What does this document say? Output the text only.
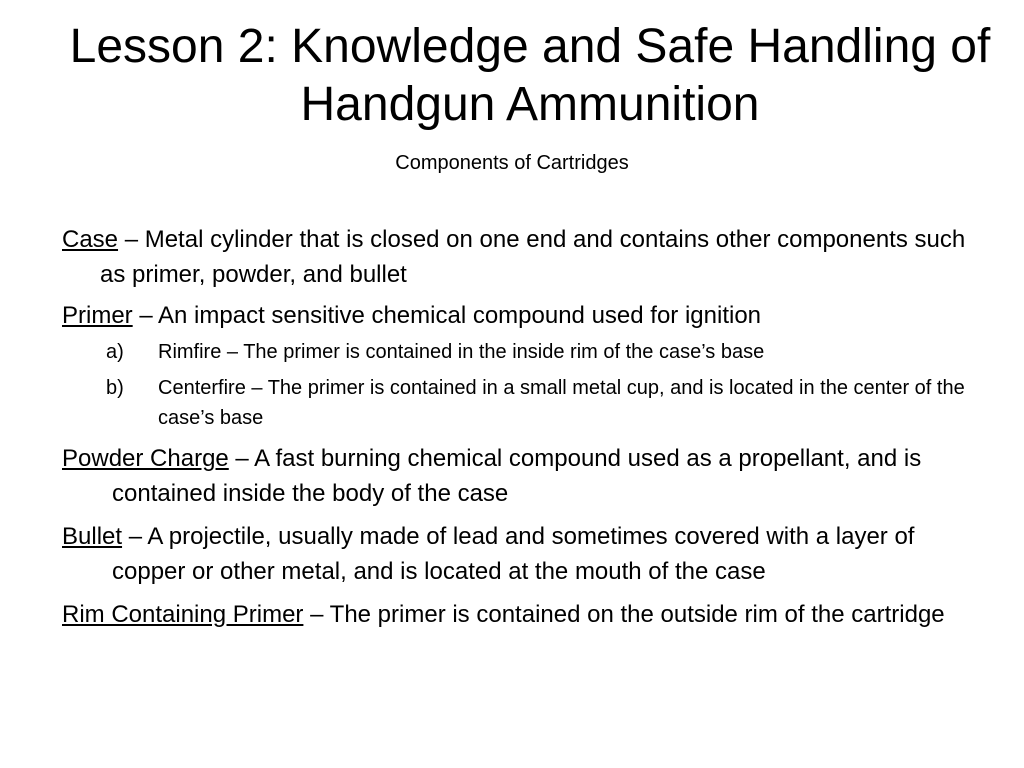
Lesson 2: Knowledge and Safe Handling of Handgun Ammunition
Components of Cartridges
Case – Metal cylinder that is closed on one end and contains other components such as primer, powder, and bullet
Primer – An impact sensitive chemical compound used for ignition
a) Rimfire – The primer is contained in the inside rim of the case’s base
b) Centerfire – The primer is contained in a small metal cup, and is located in the center of the case’s base
Powder Charge – A fast burning chemical compound used as a propellant, and is contained inside the body of the case
Bullet – A projectile, usually made of lead and sometimes covered with a layer of copper or other metal, and is located at the mouth of the case
Rim Containing Primer – The primer is contained on the outside rim of the cartridge
